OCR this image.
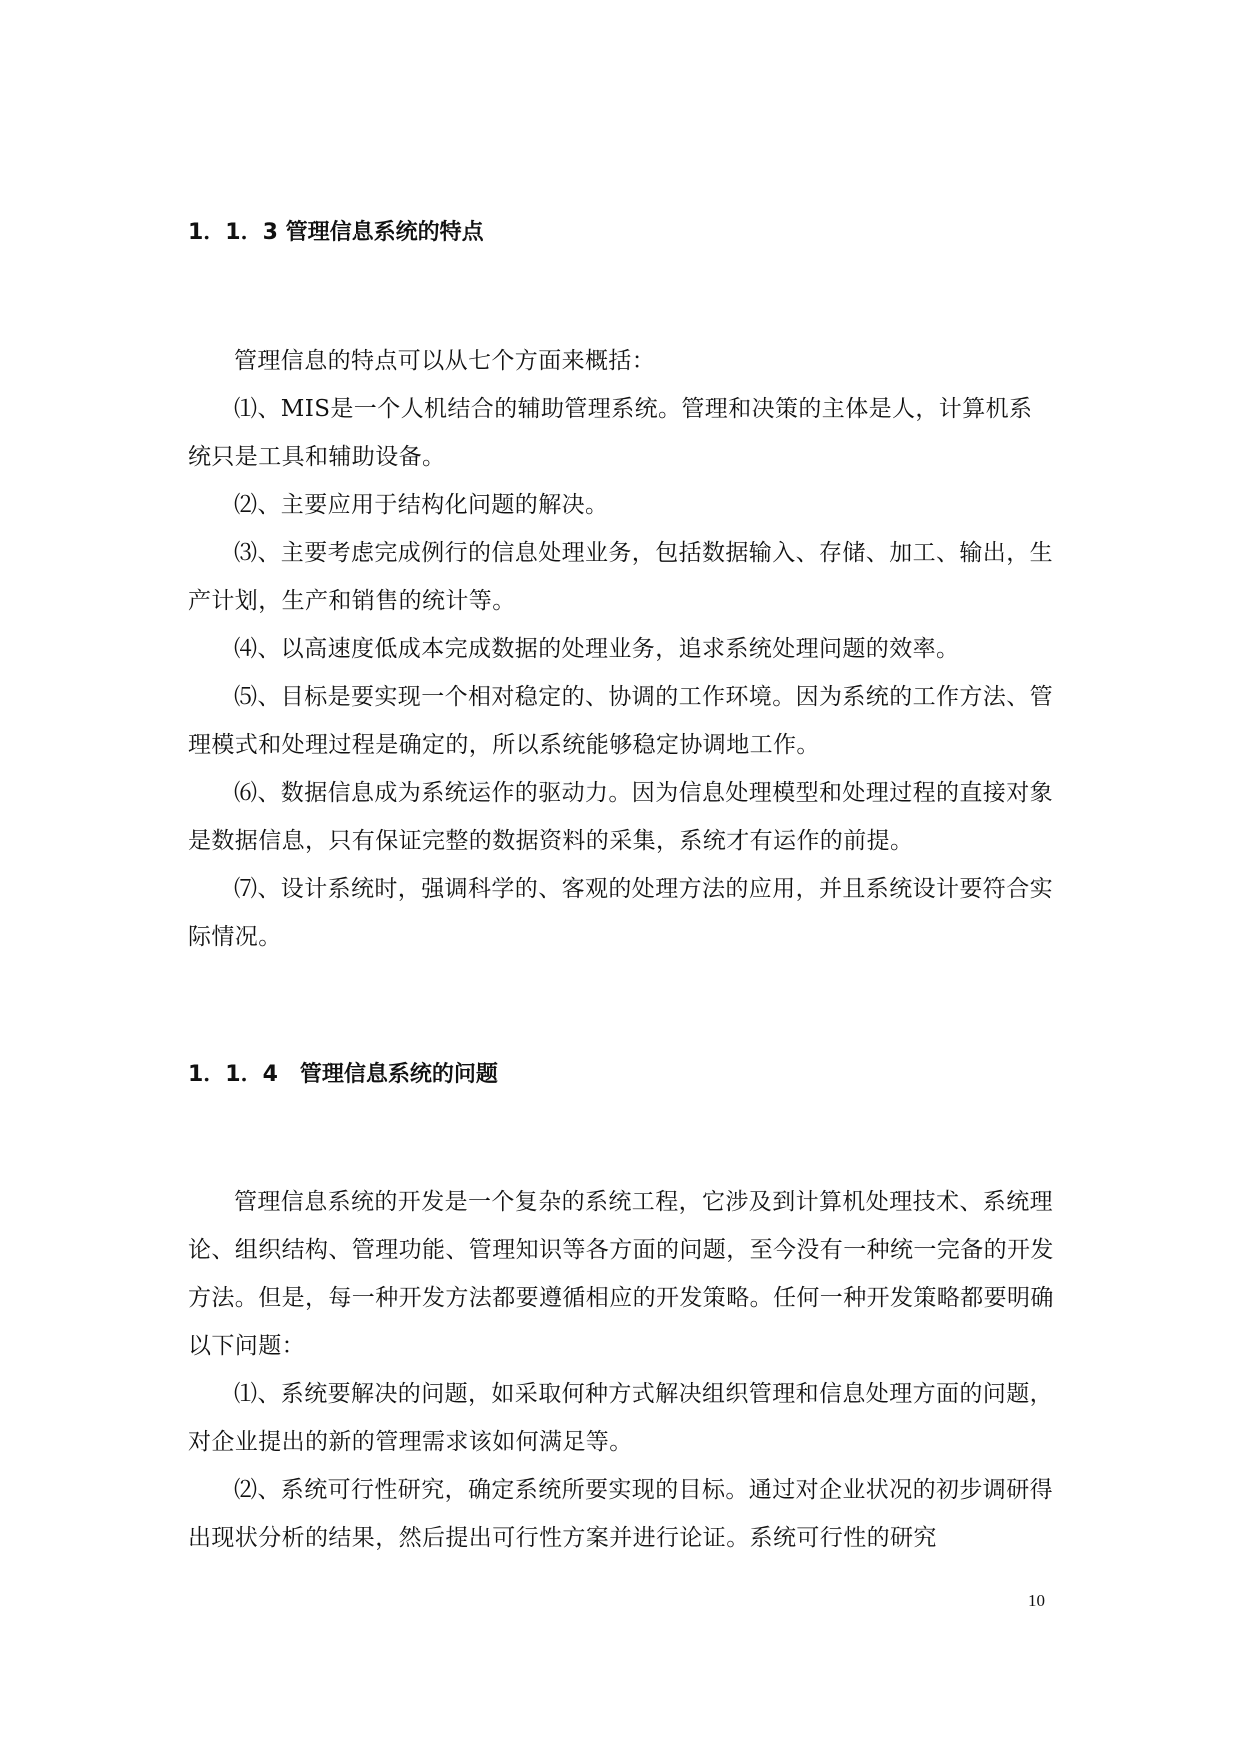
1．1．3 管理信息系统的特点

管理信息的特点可以从七个方面来概括：

⑴、MIS是一个人机结合的辅助管理系统。管理和决策的主体是人，计算机系统只是工具和辅助设备。

⑵、主要应用于结构化问题的解决。

⑶、主要考虑完成例行的信息处理业务，包括数据输入、存储、加工、输出，生产计划，生产和销售的统计等。

⑷、以高速度低成本完成数据的处理业务，追求系统处理问题的效率。

⑸、目标是要实现一个相对稳定的、协调的工作环境。因为系统的工作方法、管理模式和处理过程是确定的，所以系统能够稳定协调地工作。

⑹、数据信息成为系统运作的驱动力。因为信息处理模型和处理过程的直接对象是数据信息，只有保证完整的数据资料的采集，系统才有运作的前提。

⑺、设计系统时，强调科学的、客观的处理方法的应用，并且系统设计要符合实际情况。

1．1．4　管理信息系统的问题

管理信息系统的开发是一个复杂的系统工程，它涉及到计算机处理技术、系统理论、组织结构、管理功能、管理知识等各方面的问题，至今没有一种统一完备的开发方法。但是，每一种开发方法都要遵循相应的开发策略。任何一种开发策略都要明确以下问题：

⑴、系统要解决的问题，如采取何种方式解决组织管理和信息处理方面的问题，对企业提出的新的管理需求该如何满足等。

⑵、系统可行性研究，确定系统所要实现的目标。通过对企业状况的初步调研得出现状分析的结果，然后提出可行性方案并进行论证。系统可行性的研究

10
